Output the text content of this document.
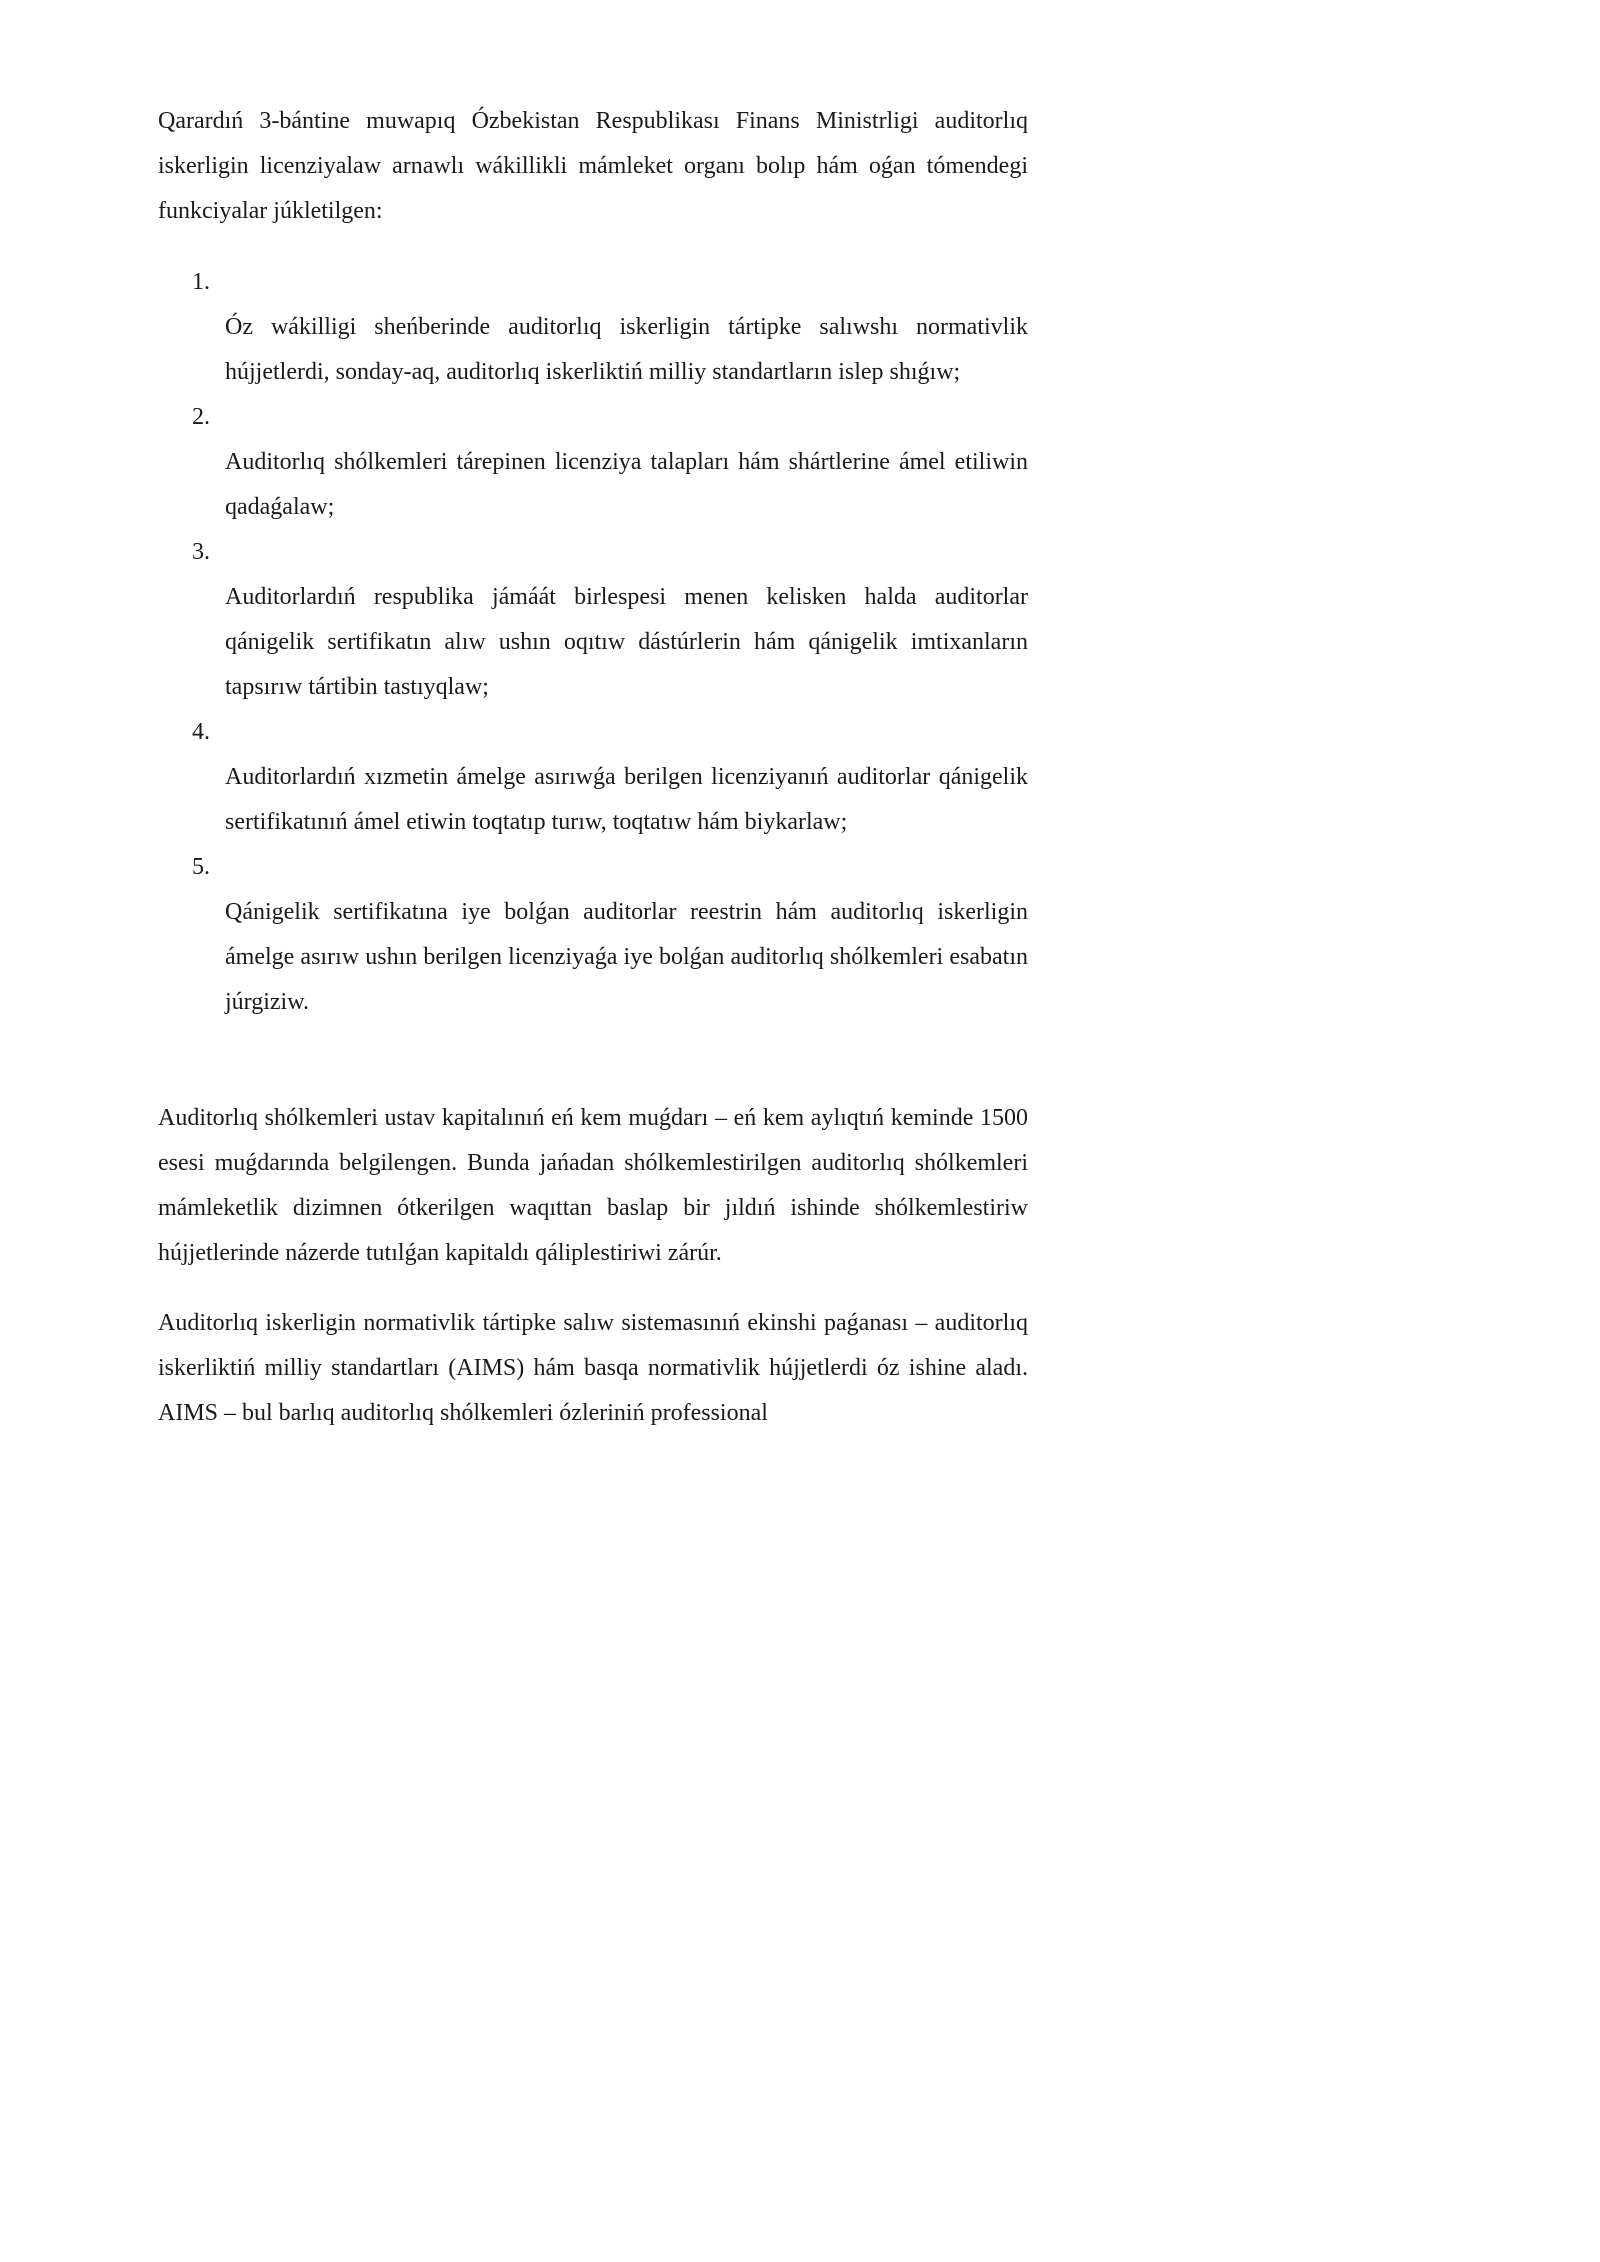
Qarardıń 3-bántine muwapıq Ózbekistan Respublikası Finans Ministrligi auditorlıq iskerligin licenziyalaw arnawlı wákillikli mámleket organı bolıp hám oǵan tómendegi funkciyalar júkletilgen:

1.

Óz wákilligi sheńberinde auditorlıq iskerligin tártipke salıwshı normativlik hújjetlerdi, sonday-aq, auditorlıq iskerliktiń milliy standartların islep shıǵıw;

2.

Auditorlıq shólkemleri tárepinen licenziya talapları hám shártlerine ámel etiliwin qadaǵalaw;

3.

Auditorlardıń respublika jámáát birlespesi menen kelisken halda auditorlar qánigelik sertifikatın alıw ushın oqıtıw dástúrlerin hám qánigelik imtixanların tapsırıw tártibin tastıyqlaw;

4.

Auditorlardıń xızmetin ámelge asırıwǵa berilgen licenziyanıń auditorlar qánigelik sertifikatınıń ámel etiwin toqtatıp turıw, toqtatıw hám biykarlaw;

5.

Qánigelik sertifikatına iye bolǵan auditorlar reestrin hám auditorlıq iskerligin ámelge asırıw ushın berilgen licenziyaǵa iye bolǵan auditorlıq shólkemleri esabatın júrgiziw.

Auditorlıq shólkemleri ustav kapitalınıń eń kem muǵdarı – eń kem aylıqtıń keminde 1500 esesi muǵdarında belgilengen. Bunda jańadan shólkemlestirilgen auditorlıq shólkemleri mámleketlik dizimnen ótkerilgen waqıttan baslap bir jıldıń ishinde shólkemlestiriw hújjetlerinde názerde tutılǵan kapitaldı qáliplestiriwi zárúr.

Auditorlıq iskerligin normativlik tártipke salıw sistemasınıń ekinshi paǵanası – auditorlıq iskerliktiń milliy standartları (AIMS) hám basqa normativlik hújjetlerdi óz ishine aladı. AIMS – bul barlıq auditorlıq shólkemleri ózleriniń professional
